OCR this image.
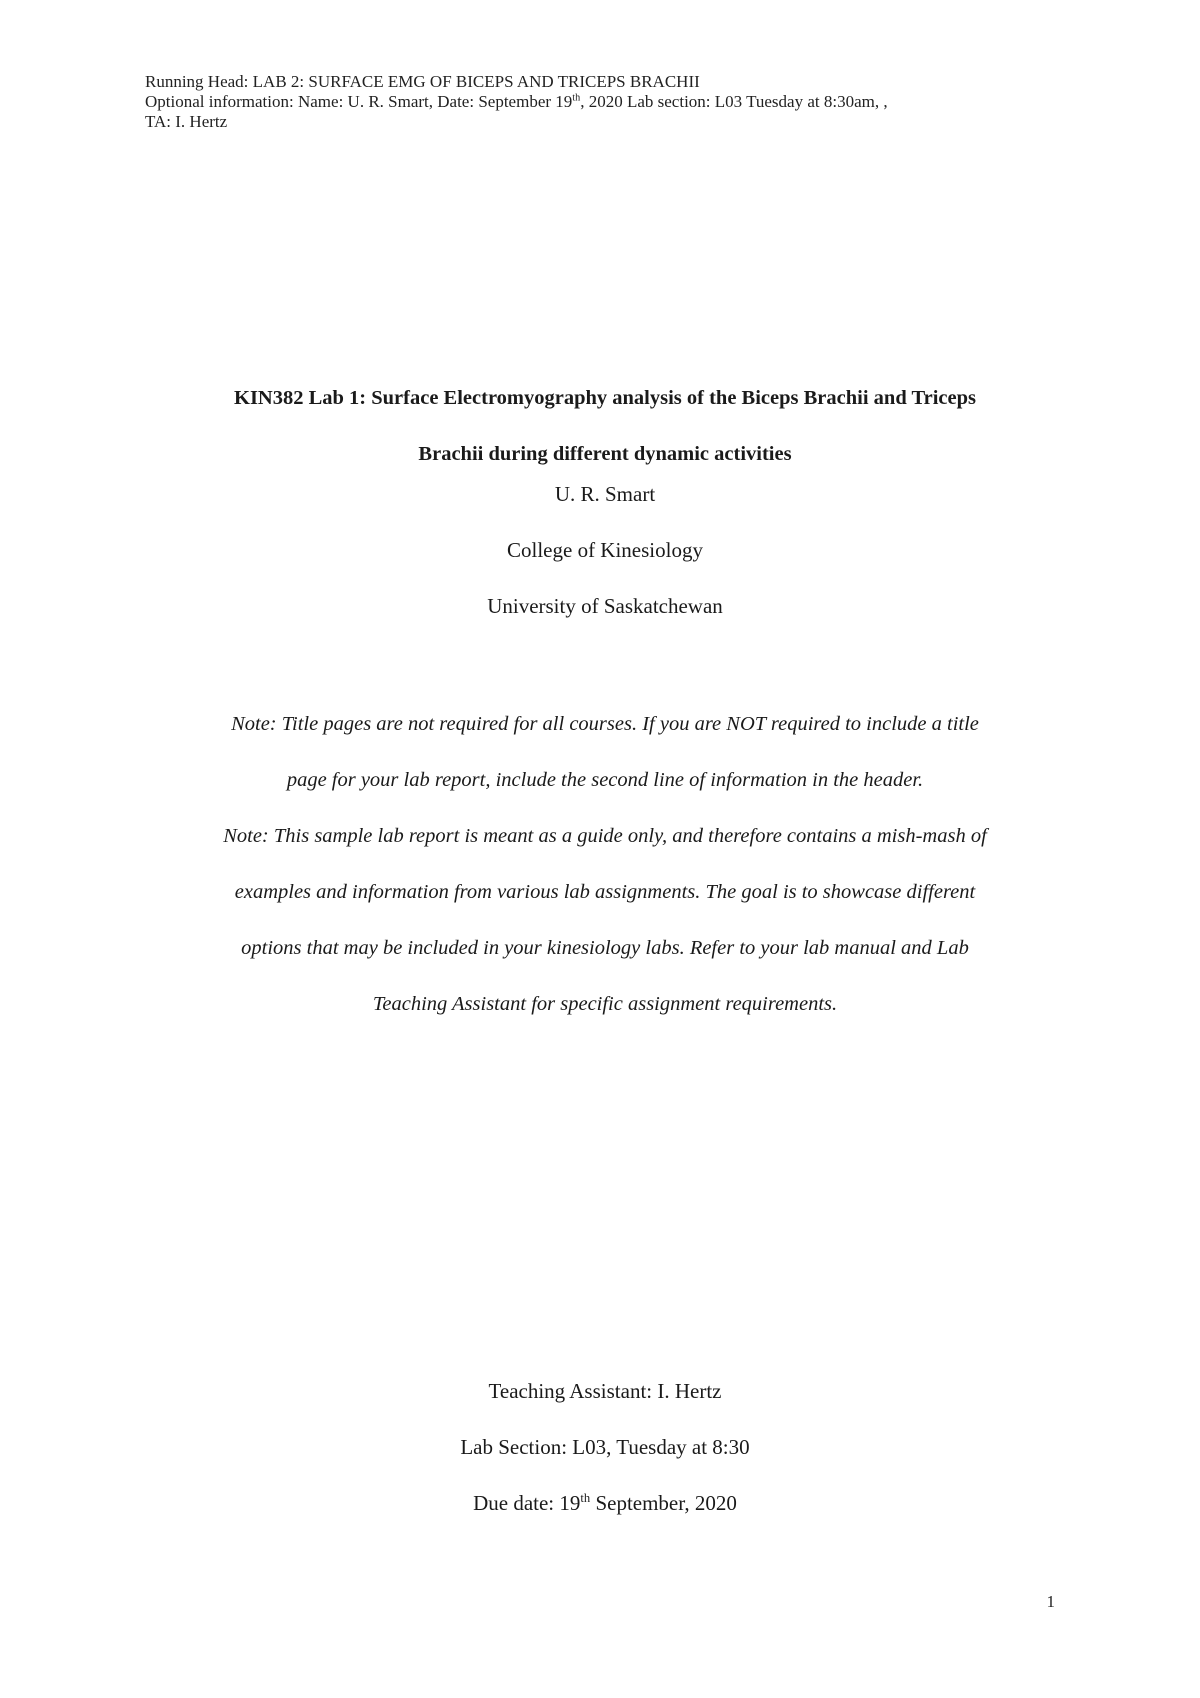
Running Head: LAB 2: SURFACE EMG OF BICEPS AND TRICEPS BRACHII
Optional information: Name: U. R. Smart, Date: September 19th, 2020 Lab section: L03 Tuesday at 8:30am, ,
TA: I. Hertz
KIN382 Lab 1: Surface Electromyography analysis of the Biceps Brachii and Triceps
Brachii during different dynamic activities
U. R. Smart
College of Kinesiology
University of Saskatchewan
Note: Title pages are not required for all courses. If you are NOT required to include a title
page for your lab report, include the second line of information in the header.
Note: This sample lab report is meant as a guide only, and therefore contains a mish-mash of
examples and information from various lab assignments. The goal is to showcase different
options that may be included in your kinesiology labs. Refer to your lab manual and Lab
Teaching Assistant for specific assignment requirements.
Teaching Assistant: I. Hertz
Lab Section: L03, Tuesday at 8:30
Due date: 19th September, 2020
1
